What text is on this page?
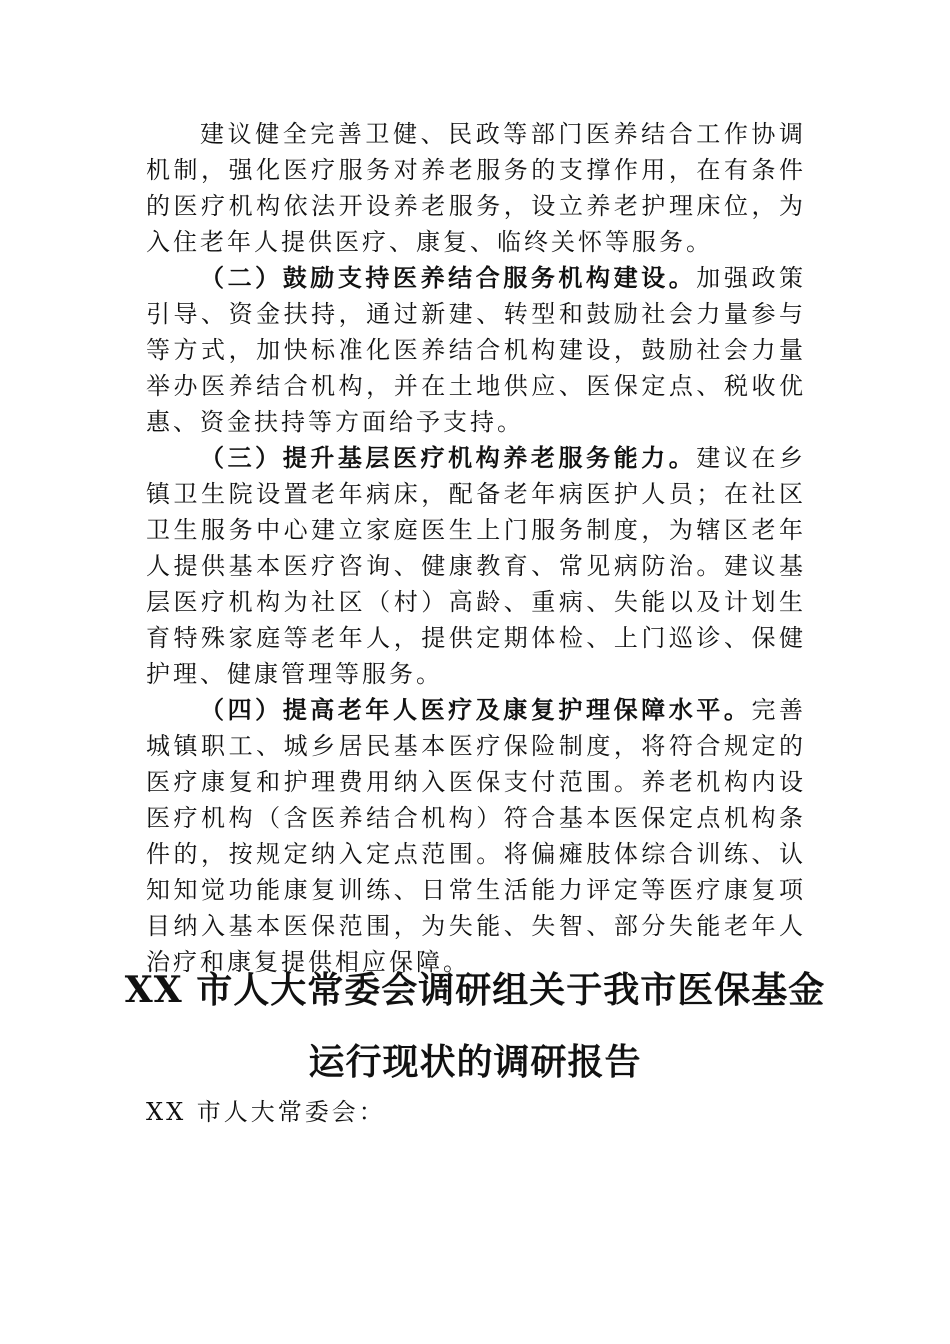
建议健全完善卫健、民政等部门医养结合工作协调机制，强化医疗服务对养老服务的支撑作用，在有条件的医疗机构依法开设养老服务，设立养老护理床位，为入住老年人提供医疗、康复、临终关怀等服务。

（二）鼓励支持医养结合服务机构建设。加强政策引导、资金扶持，通过新建、转型和鼓励社会力量参与等方式，加快标准化医养结合机构建设，鼓励社会力量举办医养结合机构，并在土地供应、医保定点、税收优惠、资金扶持等方面给予支持。

（三）提升基层医疗机构养老服务能力。建议在乡镇卫生院设置老年病床，配备老年病医护人员；在社区卫生服务中心建立家庭医生上门服务制度，为辖区老年人提供基本医疗咨询、健康教育、常见病防治。建议基层医疗机构为社区（村）高龄、重病、失能以及计划生育特殊家庭等老年人，提供定期体检、上门巡诊、保健护理、健康管理等服务。

（四）提高老年人医疗及康复护理保障水平。完善城镇职工、城乡居民基本医疗保险制度，将符合规定的医疗康复和护理费用纳入医保支付范围。养老机构内设医疗机构（含医养结合机构）符合基本医保定点机构条件的，按规定纳入定点范围。将偏瘫肢体综合训练、认知知觉功能康复训练、日常生活能力评定等医疗康复项目纳入基本医保范围，为失能、失智、部分失能老年人治疗和康复提供相应保障。

XX 市人大常委会调研组关于我市医保基金
运行现状的调研报告

XX 市人大常委会：
